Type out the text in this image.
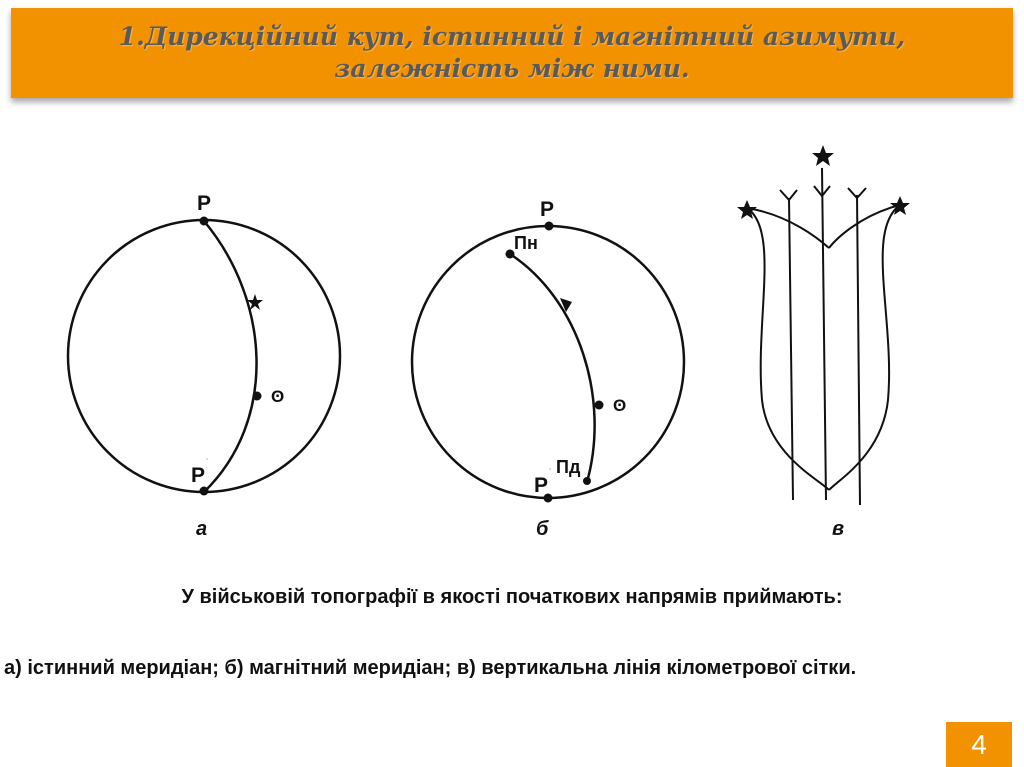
1.Дирекційний кут, істинний і магнітний азимути,
залежність між ними.
P
P
ʘ
а
P
Пн
Пд
P
ʘ
б	в
У військовій топографії в якості початкових напрямів приймають:
а) істинний меридіан; б) магнітний меридіан; в) вертикальна лінія кілометрової сітки.
4
